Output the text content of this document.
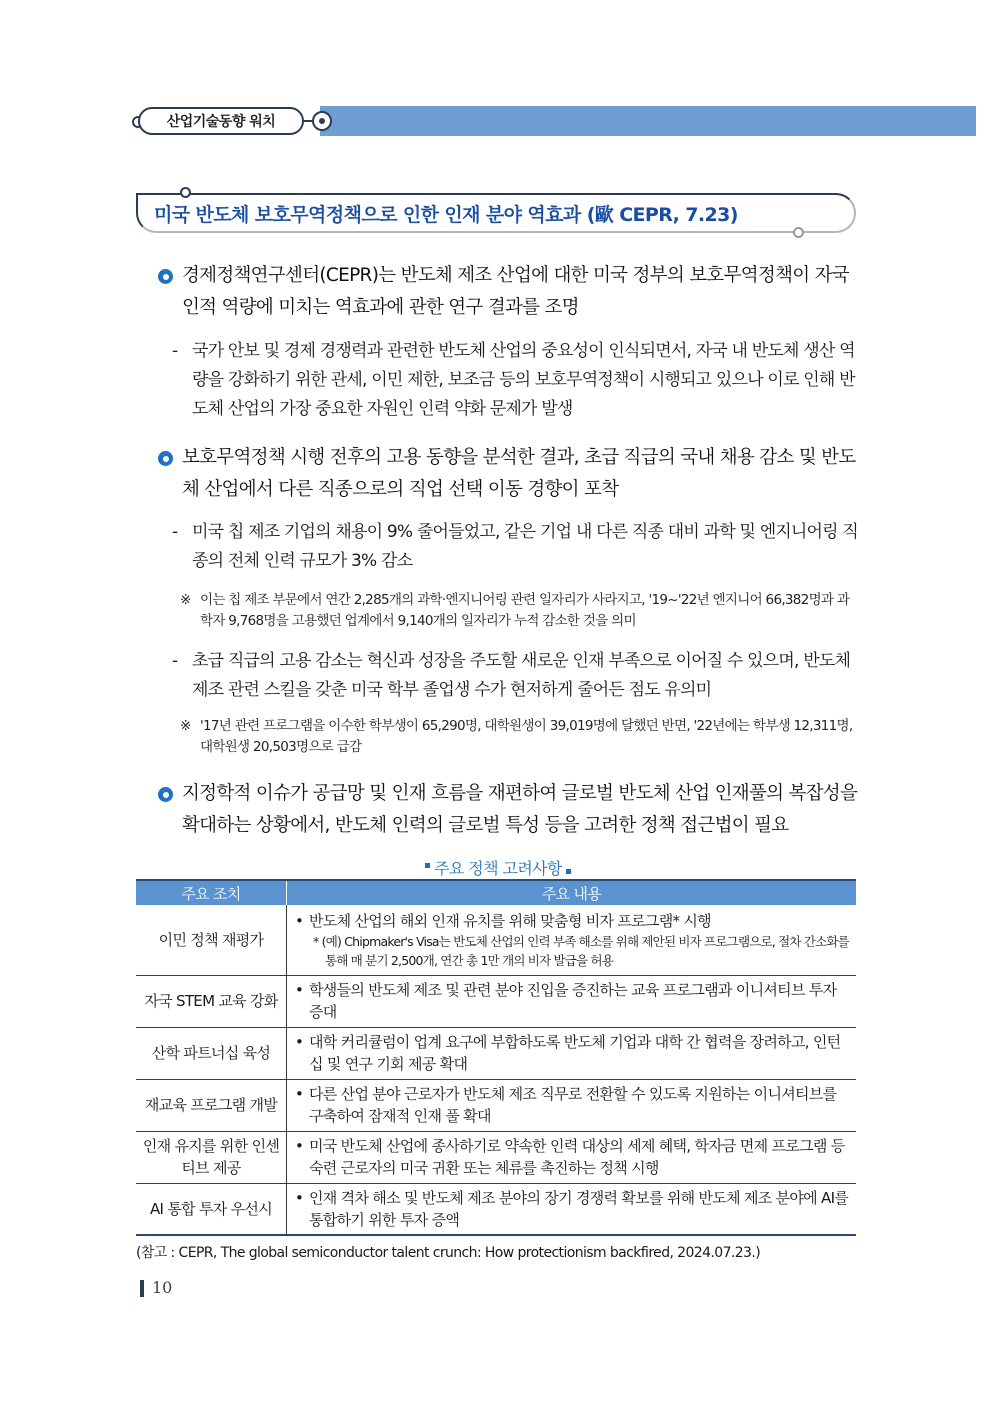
산업기술동향 워치
미국 반도체 보호무역정책으로 인한 인재 분야 역효과 (歐 CEPR, 7.23)
경제정책연구센터(CEPR)는 반도체 제조 산업에 대한 미국 정부의 보호무역정책이 자국 인적 역량에 미치는 역효과에 관한 연구 결과를 조명
- 국가 안보 및 경제 경쟁력과 관련한 반도체 산업의 중요성이 인식되면서, 자국 내 반도체 생산 역량을 강화하기 위한 관세, 이민 제한, 보조금 등의 보호무역정책이 시행되고 있으나 이로 인해 반도체 산업의 가장 중요한 자원인 인력 약화 문제가 발생
보호무역정책 시행 전후의 고용 동향을 분석한 결과, 초급 직급의 국내 채용 감소 및 반도체 산업에서 다른 직종으로의 직업 선택 이동 경향이 포착
- 미국 칩 제조 기업의 채용이 9% 줄어들었고, 같은 기업 내 다른 직종 대비 과학 및 엔지니어링 직종의 전체 인력 규모가 3% 감소
※ 이는 칩 제조 부문에서 연간 2,285개의 과학·엔지니어링 관련 일자리가 사라지고, '19~'22년 엔지니어 66,382명과 과학자 9,768명을 고용했던 업계에서 9,140개의 일자리가 누적 감소한 것을 의미
- 초급 직급의 고용 감소는 혁신과 성장을 주도할 새로운 인재 부족으로 이어질 수 있으며, 반도체 제조 관련 스킬을 갖춘 미국 학부 졸업생 수가 현저하게 줄어든 점도 유의미
※ '17년 관련 프로그램을 이수한 학부생이 65,290명, 대학원생이 39,019명에 달했던 반면, '22년에는 학부생 12,311명, 대학원생 20,503명으로 급감
지정학적 이슈가 공급망 및 인재 흐름을 재편하여 글로벌 반도체 산업 인재풀의 복잡성을 확대하는 상황에서, 반도체 인력의 글로벌 특성 등을 고려한 정책 접근법이 필요
주요 정책 고려사항
주요 조치	주요 내용
이민 정책 재평가	• 반도체 산업의 해외 인재 유치를 위해 맞춤형 비자 프로그램* 시행
* (예) Chipmaker's Visa는 반도체 산업의 인력 부족 해소를 위해 제안된 비자 프로그램으로, 절차 간소화를 통해 매 분기 2,500개, 연간 총 1만 개의 비자 발급을 허용

자국 STEM 교육 강화	• 학생들의 반도체 제조 및 관련 분야 진입을 증진하는 교육 프로그램과 이니셔티브 투자 증대

산학 파트너십 육성	• 대학 커리큘럼이 업계 요구에 부합하도록 반도체 기업과 대학 간 협력을 장려하고, 인턴십 및 연구 기회 제공 확대

재교육 프로그램 개발	• 다른 산업 분야 근로자가 반도체 제조 직무로 전환할 수 있도록 지원하는 이니셔티브를 구축하여 잠재적 인재 풀 확대

인재 유지를 위한 인센티브 제공	• 미국 반도체 산업에 종사하기로 약속한 인력 대상의 세제 혜택, 학자금 면제 프로그램 등 숙련 근로자의 미국 귀환 또는 체류를 촉진하는 정책 시행

AI 통합 투자 우선시	• 인재 격차 해소 및 반도체 제조 분야의 장기 경쟁력 확보를 위해 반도체 제조 분야에 AI를 통합하기 위한 투자 증액
(참고 : CEPR, The global semiconductor talent crunch: How protectionism backfired, 2024.07.23.)
10
